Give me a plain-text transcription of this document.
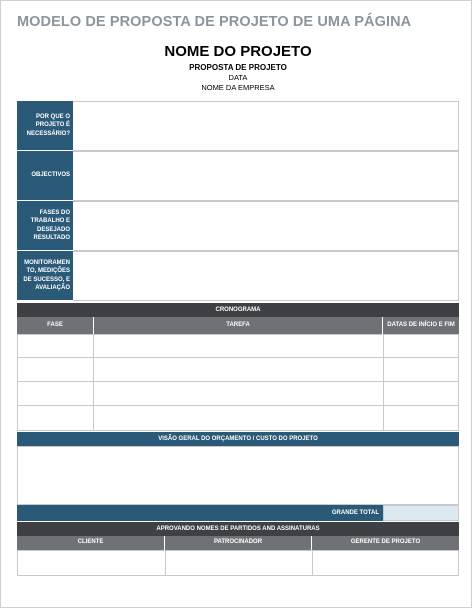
MODELO DE PROPOSTA DE PROJETO DE UMA PÁGINA
NOME DO PROJETO
PROPOSTA DE PROJETO
DATA
NOME DA EMPRESA
POR QUE O PROJETO É NECESSÁRIO?
OBJECTIVOS
FASES DO TRABALHO E DESEJADO RESULTADO
MONITORAMEN TO, MEDIÇÕES DE SUCESSO, E AVALIAÇÃO
CRONOGRAMA
FASE	TAREFA	DATAS DE INÍCIO E FIM
VISÃO GERAL DO ORÇAMENTO / CUSTO DO PROJETO
GRANDE TOTAL
APROVANDO NOMES DE PARTIDOS AND ASSINATURAS
CLIENTE	PATROCINADOR	GERENTE DE PROJETO
